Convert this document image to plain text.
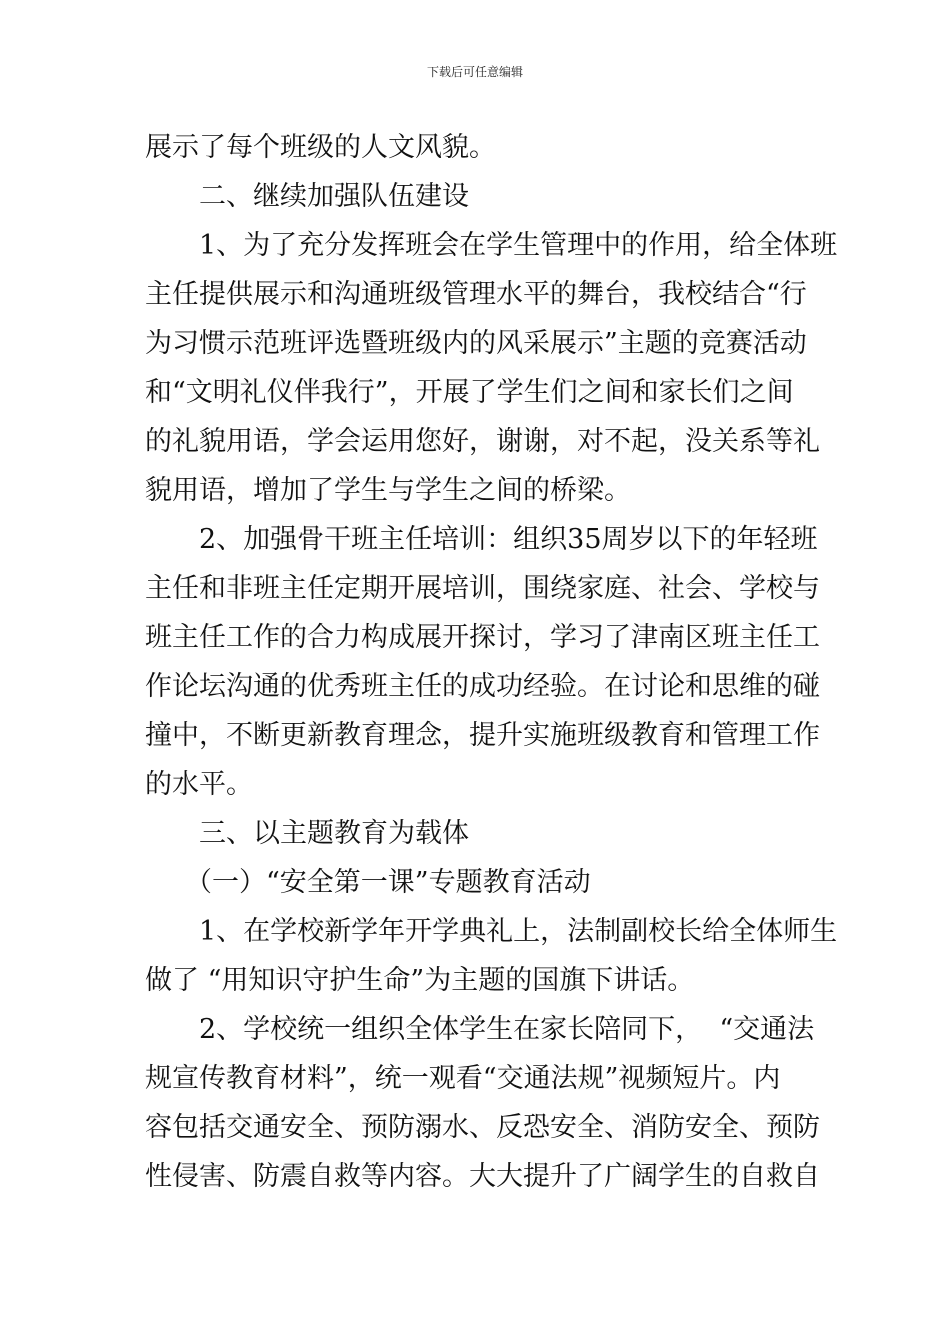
下载后可任意编辑
展示了每个班级的人文风貌。
二、继续加强队伍建设
1、为了充分发挥班会在学生管理中的作用，给全体班
主任提供展示和沟通班级管理水平的舞台，我校结合“行
为习惯示范班评选暨班级内的风采展示”主题的竞赛活动
和“文明礼仪伴我行”，开展了学生们之间和家长们之间
的礼貌用语，学会运用您好，谢谢，对不起，没关系等礼
貌用语，增加了学生与学生之间的桥梁。
2、加强骨干班主任培训：组织35周岁以下的年轻班
主任和非班主任定期开展培训，围绕家庭、社会、学校与
班主任工作的合力构成展开探讨，学习了津南区班主任工
作论坛沟通的优秀班主任的成功经验。在讨论和思维的碰
撞中，不断更新教育理念，提升实施班级教育和管理工作
的水平。
三、以主题教育为载体
（一）“安全第一课”专题教育活动
1、在学校新学年开学典礼上，法制副校长给全体师生
做了 “用知识守护生命”为主题的国旗下讲话。
2、学校统一组织全体学生在家长陪同下，  “交通法
规宣传教育材料”，统一观看“交通法规”视频短片。内
容包括交通安全、预防溺水、反恐安全、消防安全、预防
性侵害、防震自救等内容。大大提升了广阔学生的自救自
